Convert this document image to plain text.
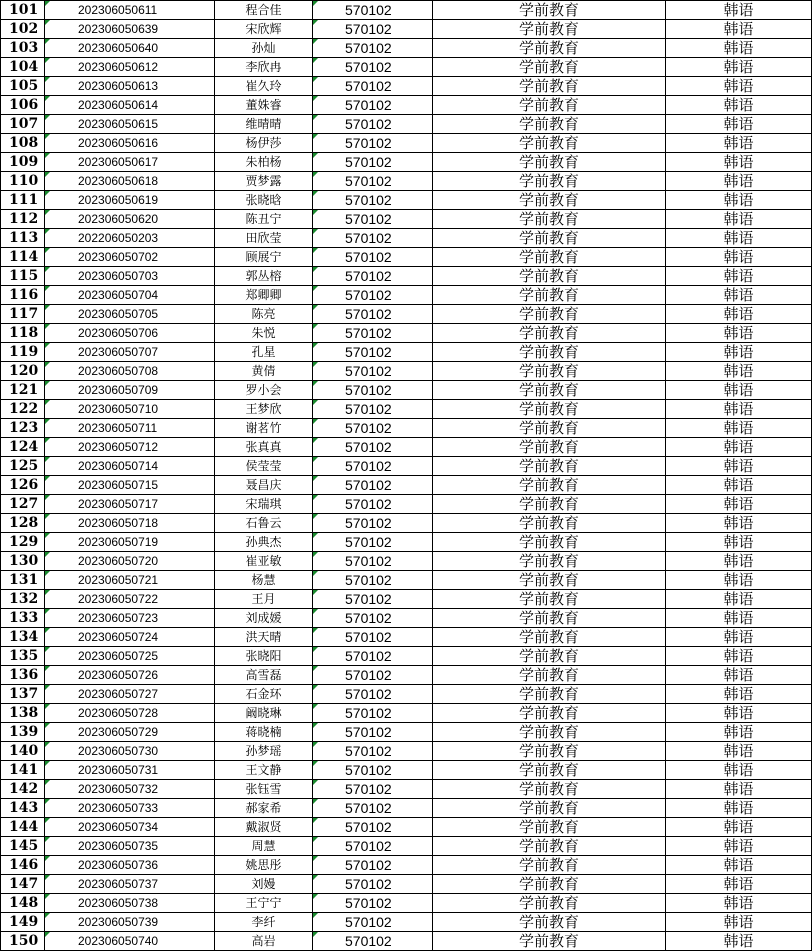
101	202306050611	程合佳	570102	学前教育	韩语
102	202306050639	宋欣辉	570102	学前教育	韩语
103	202306050640	孙灿	570102	学前教育	韩语
104	202306050612	李欣冉	570102	学前教育	韩语
105	202306050613	崔久玲	570102	学前教育	韩语
106	202306050614	董姝睿	570102	学前教育	韩语
107	202306050615	维晴晴	570102	学前教育	韩语
108	202306050616	杨伊莎	570102	学前教育	韩语
109	202306050617	朱柏杨	570102	学前教育	韩语
110	202306050618	贾梦露	570102	学前教育	韩语
111	202306050619	张晓晗	570102	学前教育	韩语
112	202306050620	陈丑宁	570102	学前教育	韩语
113	202206050203	田欣莹	570102	学前教育	韩语
114	202306050702	顾展宁	570102	学前教育	韩语
115	202306050703	郭丛榕	570102	学前教育	韩语
116	202306050704	郑卿卿	570102	学前教育	韩语
117	202306050705	陈亮	570102	学前教育	韩语
118	202306050706	朱悦	570102	学前教育	韩语
119	202306050707	孔星	570102	学前教育	韩语
120	202306050708	黄倩	570102	学前教育	韩语
121	202306050709	罗小会	570102	学前教育	韩语
122	202306050710	王梦欣	570102	学前教育	韩语
123	202306050711	谢茗竹	570102	学前教育	韩语
124	202306050712	张真真	570102	学前教育	韩语
125	202306050714	侯莹莹	570102	学前教育	韩语
126	202306050715	聂昌庆	570102	学前教育	韩语
127	202306050717	宋瑞琪	570102	学前教育	韩语
128	202306050718	石鲁云	570102	学前教育	韩语
129	202306050719	孙典杰	570102	学前教育	韩语
130	202306050720	崔亚敏	570102	学前教育	韩语
131	202306050721	杨慧	570102	学前教育	韩语
132	202306050722	王月	570102	学前教育	韩语
133	202306050723	刘成媛	570102	学前教育	韩语
134	202306050724	洪天晴	570102	学前教育	韩语
135	202306050725	张晓阳	570102	学前教育	韩语
136	202306050726	高雪磊	570102	学前教育	韩语
137	202306050727	石金环	570102	学前教育	韩语
138	202306050728	阚晓琳	570102	学前教育	韩语
139	202306050729	蒋晓楠	570102	学前教育	韩语
140	202306050730	孙梦瑶	570102	学前教育	韩语
141	202306050731	王文静	570102	学前教育	韩语
142	202306050732	张钰雪	570102	学前教育	韩语
143	202306050733	郝家希	570102	学前教育	韩语
144	202306050734	戴淑贤	570102	学前教育	韩语
145	202306050735	周慧	570102	学前教育	韩语
146	202306050736	姚思彤	570102	学前教育	韩语
147	202306050737	刘嫚	570102	学前教育	韩语
148	202306050738	王宁宁	570102	学前教育	韩语
149	202306050739	李纤	570102	学前教育	韩语
150	202306050740	高岩	570102	学前教育	韩语
